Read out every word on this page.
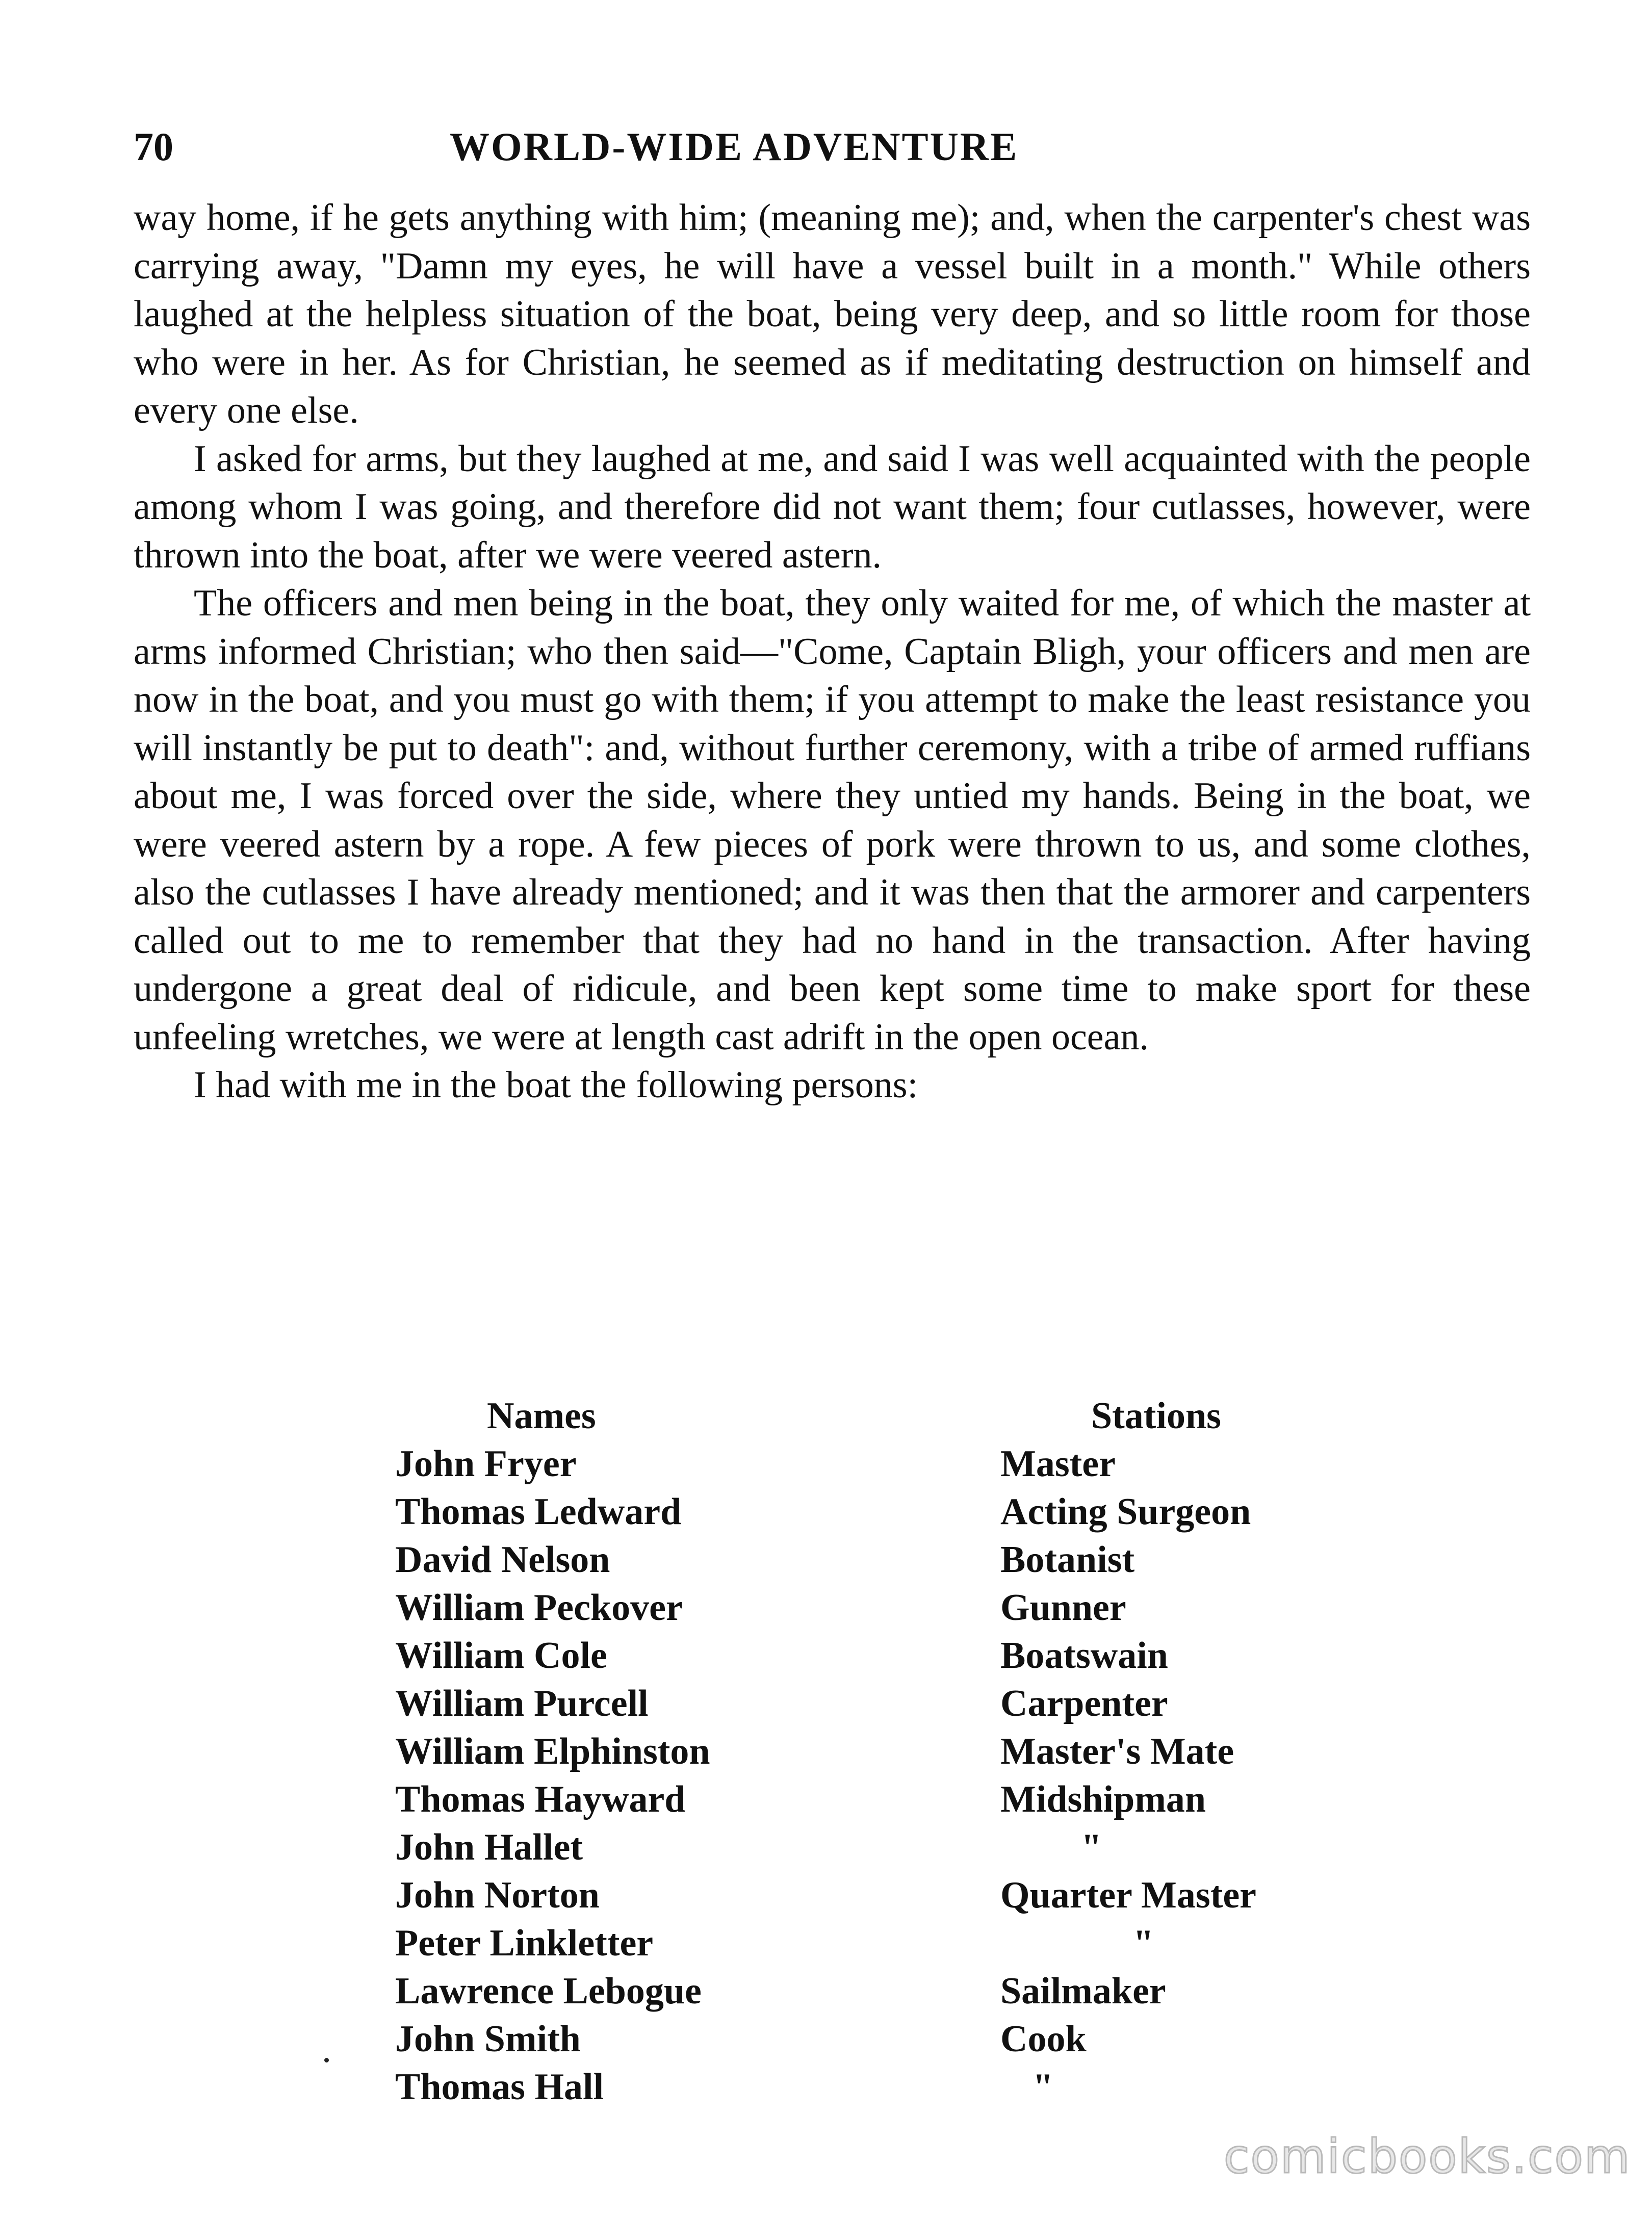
70	WORLD-WIDE ADVENTURE

way home, if he gets anything with him; (meaning me); and, when the carpenter's chest was carrying away, "Damn my eyes, he will have a vessel built in a month." While others laughed at the helpless situation of the boat, being very deep, and so little room for those who were in her. As for Christian, he seemed as if meditating destruction on himself and every one else.

I asked for arms, but they laughed at me, and said I was well acquainted with the people among whom I was going, and therefore did not want them; four cutlasses, however, were thrown into the boat, after we were veered astern.

The officers and men being in the boat, they only waited for me, of which the master at arms informed Christian; who then said—"Come, Captain Bligh, your officers and men are now in the boat, and you must go with them; if you attempt to make the least resistance you will instantly be put to death": and, without further ceremony, with a tribe of armed ruffians about me, I was forced over the side, where they untied my hands. Being in the boat, we were veered astern by a rope. A few pieces of pork were thrown to us, and some clothes, also the cutlasses I have already mentioned; and it was then that the armorer and carpenters called out to me to remember that they had no hand in the transaction. After having undergone a great deal of ridicule, and been kept some time to make sport for these unfeeling wretches, we were at length cast adrift in the open ocean.

I had with me in the boat the following persons:

Names	Stations
John Fryer	Master
Thomas Ledward	Acting Surgeon
David Nelson	Botanist
William Peckover	Gunner
William Cole	Boatswain
William Purcell	Carpenter
William Elphinston	Master's Mate
Thomas Hayward	Midshipman
John Hallet	"
John Norton	Quarter Master
Peter Linkletter	"
Lawrence Lebogue	Sailmaker
John Smith	Cook
Thomas Hall	"
comicbooks.com
